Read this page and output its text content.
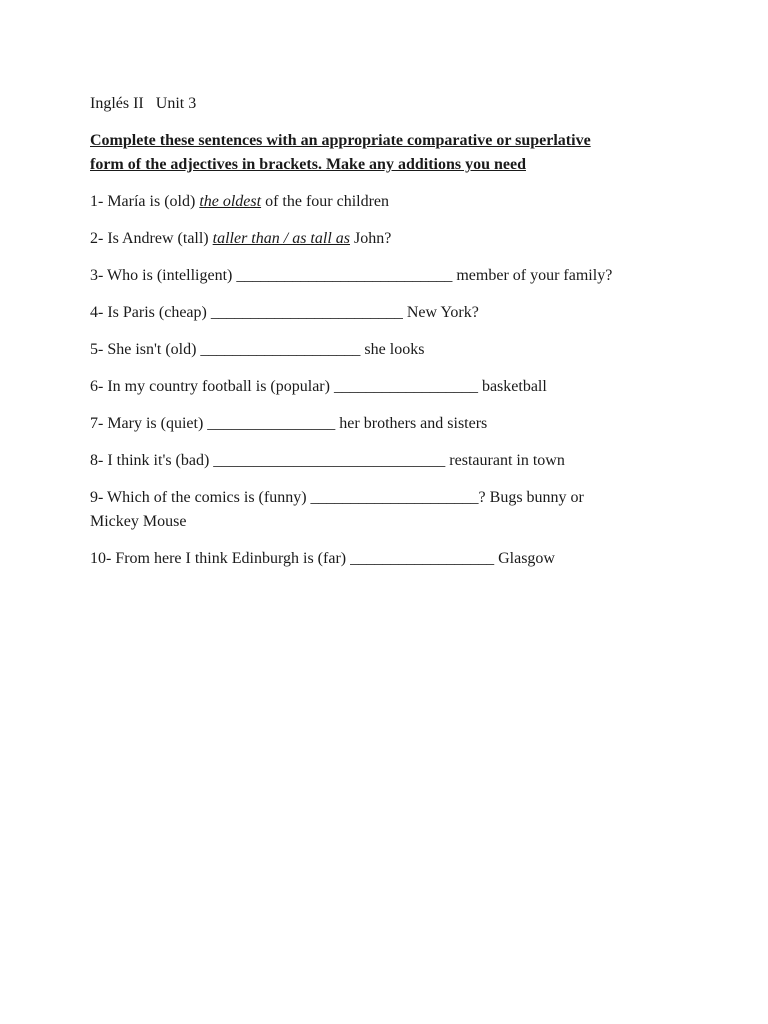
Inglés II Unit 3
Complete these sentences with an appropriate comparative or superlative
form of the adjectives in brackets. Make any additions you need
1- María is (old) the oldest of the four children
2- Is Andrew (tall) taller than / as tall as John?
3- Who is (intelligent) ___________________________ member of your family?
4- Is Paris (cheap) ________________________ New York?
5- She isn't (old) ____________________ she looks
6- In my country football is (popular) __________________ basketball
7- Mary is (quiet) ________________ her brothers and sisters
8- I think it's (bad) _____________________________ restaurant in town
9- Which of the comics is (funny) _____________________? Bugs bunny or
Mickey Mouse
10- From here I think Edinburgh is (far) __________________ Glasgow
